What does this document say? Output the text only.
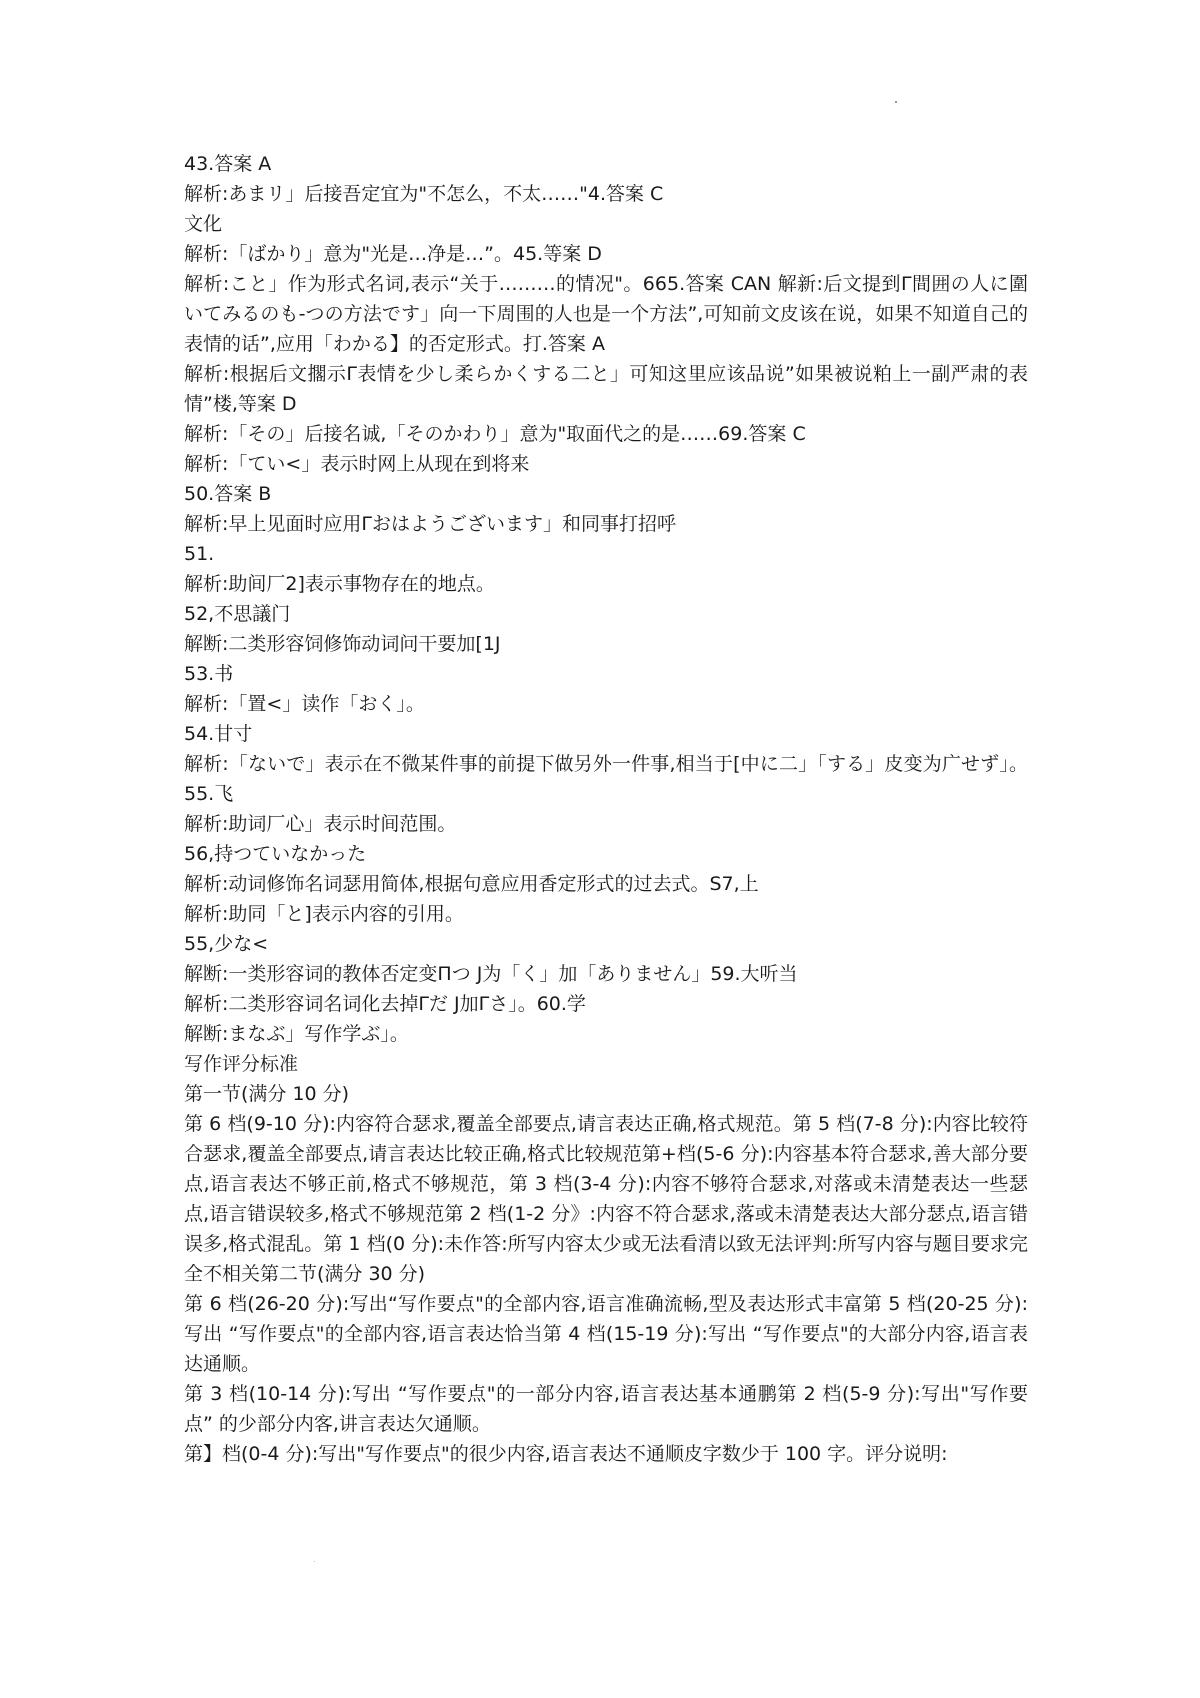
43.答案 A

解析:あまリ」后接吾定宜为"不怎么，不太……"4.答案 C

文化

解析:「ばかり」意为"光是…净是…”。45.等案 D

解析:こと」作为形式名词,表示“关于………的情况"。665.答案 CAN 解新:后文提到Γ間囲の人に圍いてみるのも-つの方法です」向一下周围的人也是一个方法”,可知前文皮该在说，如果不知道自己的表情的话”,应用「わかる】的否定形式。打.答案 A

解析:根据后文擱示Γ表情を少し柔らかくする二と」可知这里应该品说”如果被说粕上一副严肃的表情”楼,等案 D

解析:「その」后接名诚,「そのかわり」意为"取面代之的是……69.答案 C

解析:「てい<」表示时网上从现在到将来

50.答案 B

解析:早上见面时应用Γおはようございます」和同事打招呼

51.

解析:助间厂2]表示事物存在的地点。

52,不思議门

解断:二类形容饲修饰动词问干要加[1J

53.书

解析:「置<」读作「おく」。

54.甘寸

解析:「ないで」表示在不微某件事的前提下做另外一件事,相当于[中に二」「する」皮变为广せず」。55.飞

解析:助词厂心」表示时间范围。

56,持つていなかった

解析:动词修饰名词瑟用简体,根据句意应用香定形式的过去式。S7,上

解析:助同「と]表示内容的引用。

55,少な<

解断:一类形容词的教体否定变Πつ J为「く」加「ありません」59.大听当

解析:二类形容词名词化去掉Γだ J加Γさ」。60.学

解断:まなぶ」写作学ぶ」。

写作评分标准

第一节(满分 10 分)

第 6 档(9-10 分):内容符合瑟求,覆盖全部要点,请言表达正确,格式规范。第 5 档(7-8 分):内容比较符合瑟求,覆盖全部要点,请言表达比较正确,格式比较规范第+档(5-6 分):内容基本符合瑟求,善大部分要点,语言表达不够正前,格式不够规范，第 3 档(3-4 分):内容不够符合瑟求,对落或未清楚表达一些瑟点,语言错误较多,格式不够规范第 2 档(1-2 分》:内容不符合瑟求,落或未清楚表达大部分瑟点,语言错误多,格式混乱。第 1 档(0 分):未作答:所写内容太少或无法看清以致无法评判:所写内容与题目要求完全不相关第二节(满分 30 分)

第 6 档(26-20 分):写出“写作要点"的全部内容,语言准确流畅,型及表达形式丰富第 5 档(20-25 分):写出 “写作要点"的全部内容,语言表达恰当第 4 档(15-19 分):写出 “写作要点"的大部分内容,语言表达通顺。

第 3 档(10-14 分):写出 “写作要点"的一部分内容,语言表达基本通鹏第 2 档(5-9 分):写出"写作要点” 的少部分内客,讲言表达欠通顺。

第】档(0-4 分):写出"写作要点"的很少内容,语言表达不通顺皮字数少于 100 字。评分说明:
